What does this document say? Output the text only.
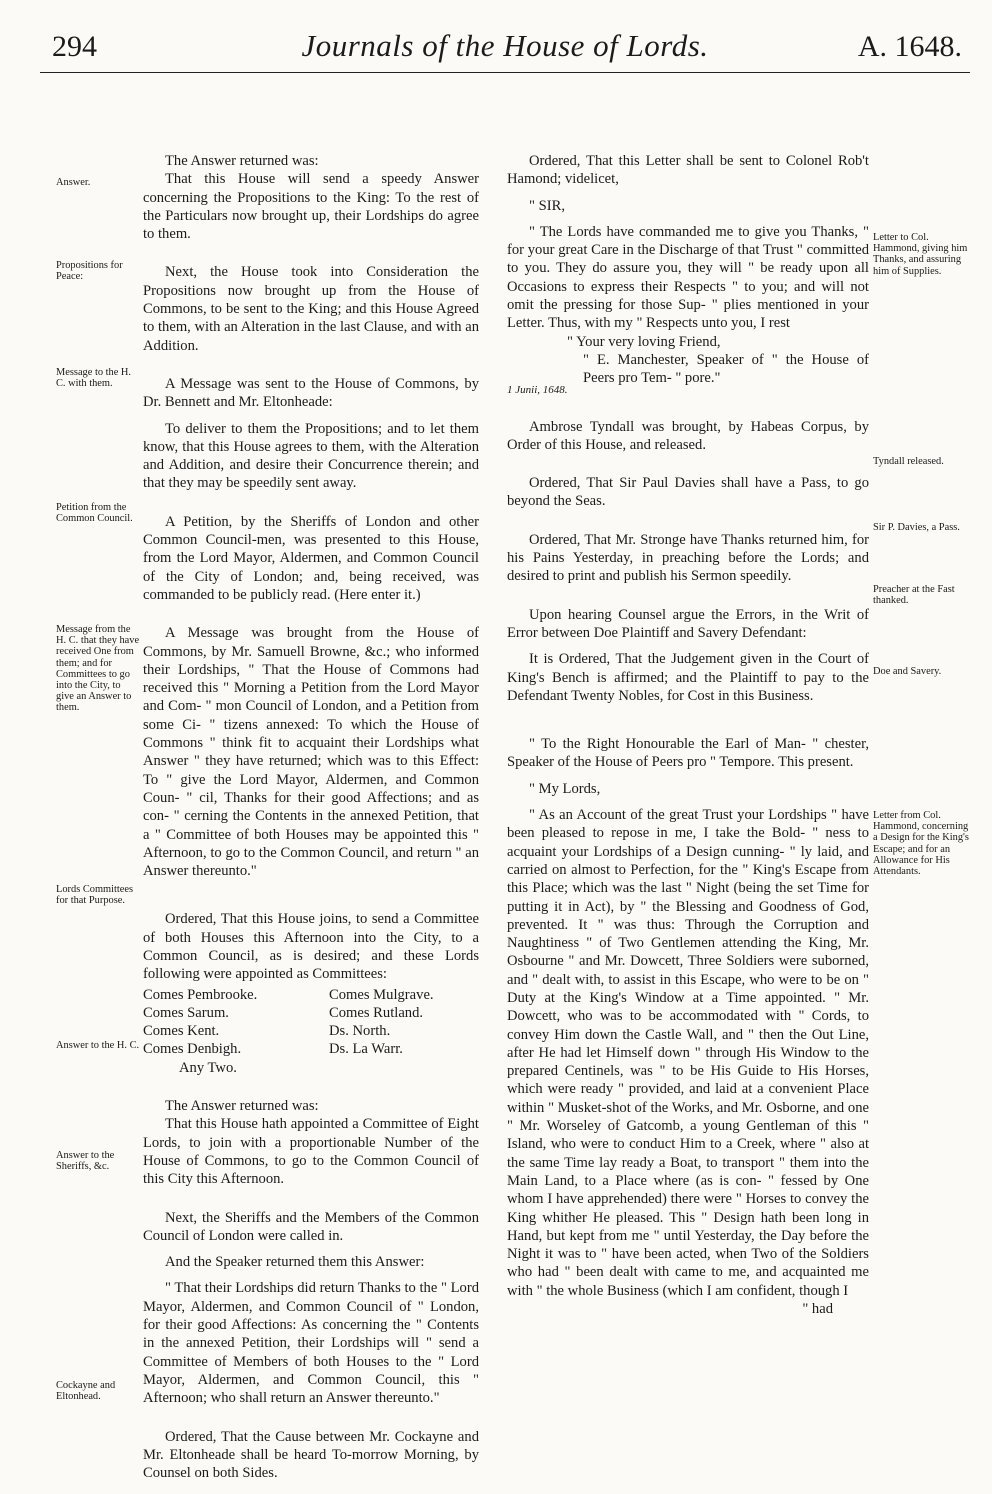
294	Journals of the House of Lords.	A. 1648.
Answer.
Propositions for Peace:
Message to the H. C. with them.
Petition from the Common Council.
Message from the H. C. that they have received One from them; and for Committees to go into the City, to give an Answer to them.
Lords Committees for that Purpose.
Answer to the H. C.
Answer to the Sheriffs, &c.
Cockayne and Eltonhead.
Letter to Col. Hammond, giving him Thanks, and assuring him of Supplies.
Tyndall released.
Sir P. Davies, a Pass.
Preacher at the Fast thanked.
Doe and Savery.
Letter from Col. Hammond, concerning a Design for the King's Escape; and for an Allowance for His Attendants.

The Answer returned was:

That this House will send a speedy Answer concerning the Propositions to the King: To the rest of the Particulars now brought up, their Lordships do agree to them.

Next, the House took into Consideration the Propositions now brought up from the House of Commons, to be sent to the King; and this House Agreed to them, with an Alteration in the last Clause, and with an Addition.

A Message was sent to the House of Commons, by Dr. Bennett and Mr. Eltonheade:

To deliver to them the Propositions; and to let them know, that this House agrees to them, with the Alteration and Addition, and desire their Concurrence therein; and that they may be speedily sent away.

A Petition, by the Sheriffs of London and other Common Council-men, was presented to this House, from the Lord Mayor, Aldermen, and Common Council of the City of London; and, being received, was commanded to be publicly read. (Here enter it.)

A Message was brought from the House of Commons, by Mr. Samuell Browne, &c.; who informed their Lordships, " That the House of Commons had received this " Morning a Petition from the Lord Mayor and Com- " mon Council of London, and a Petition from some Ci- " tizens annexed: To which the House of Commons " think fit to acquaint their Lordships what Answer " they have returned; which was to this Effect: To " give the Lord Mayor, Aldermen, and Common Coun- " cil, Thanks for their good Affections; and as con- " cerning the Contents in the annexed Petition, that a " Committee of both Houses may be appointed this " Afternoon, to go to the Common Council, and return " an Answer thereunto."

Ordered, That this House joins, to send a Committee of both Houses this Afternoon into the City, to a Common Council, as is desired; and these Lords following were appointed as Committees:

Comes Pembrooke.	Comes Mulgrave.
Comes Sarum.	Comes Rutland.
Comes Kent.	Ds. North.
Comes Denbigh.	Ds. La Warr.

Any Two.

The Answer returned was:

That this House hath appointed a Committee of Eight Lords, to join with a proportionable Number of the House of Commons, to go to the Common Council of this City this Afternoon.

Next, the Sheriffs and the Members of the Common Council of London were called in.

And the Speaker returned them this Answer:

" That their Lordships did return Thanks to the " Lord Mayor, Aldermen, and Common Council of " London, for their good Affections: As concerning the " Contents in the annexed Petition, their Lordships will " send a Committee of Members of both Houses to the " Lord Mayor, Aldermen, and Common Council, this " Afternoon; who shall return an Answer thereunto."

Ordered, That the Cause between Mr. Cockayne and Mr. Eltonheade shall be heard To-morrow Morning, by Counsel on both Sides.

Ordered, That this Letter shall be sent to Colonel Rob't Hamond; videlicet,

" SIR,

" The Lords have commanded me to give you Thanks, " for your great Care in the Discharge of that Trust " committed to you. They do assure you, they will " be ready upon all Occasions to express their Respects " to you; and will not omit the pressing for those Sup- " plies mentioned in your Letter. Thus, with my " Respects unto you, I rest

" Your very loving Friend,

" E. Manchester, Speaker of " the House of Peers pro Tem- " pore."

Ambrose Tyndall was brought, by Habeas Corpus, by Order of this House, and released.

Ordered, That Sir Paul Davies shall have a Pass, to go beyond the Seas.

Ordered, That Mr. Stronge have Thanks returned him, for his Pains Yesterday, in preaching before the Lords; and desired to print and publish his Sermon speedily.

Upon hearing Counsel argue the Errors, in the Writ of Error between Doe Plaintiff and Savery Defendant:

It is Ordered, That the Judgement given in the Court of King's Bench is affirmed; and the Plaintiff to pay to the Defendant Twenty Nobles, for Cost in this Business.

" To the Right Honourable the Earl of Man- " chester, Speaker of the House of Peers pro " Tempore. This present.

" My Lords,

" As an Account of the great Trust your Lordships " have been pleased to repose in me, I take the Bold- " ness to acquaint your Lordships of a Design cunning- " ly laid, and carried on almost to Perfection, for the " King's Escape from this Place; which was the last " Night (being the set Time for putting it in Act), by " the Blessing and Goodness of God, prevented. It " was thus: Through the Corruption and Naughtiness " of Two Gentlemen attending the King, Mr. Osbourne " and Mr. Dowcett, Three Soldiers were suborned, and " dealt with, to assist in this Escape, who were to be on " Duty at the King's Window at a Time appointed. " Mr. Dowcett, who was to be accommodated with " Cords, to convey Him down the Castle Wall, and " then the Out Line, after He had let Himself down " through His Window to the prepared Centinels, was " to be His Guide to His Horses, which were ready " provided, and laid at a convenient Place within " Musket-shot of the Works, and Mr. Osborne, and one " Mr. Worseley of Gatcomb, a young Gentleman of this " Island, who were to conduct Him to a Creek, where " also at the same Time lay ready a Boat, to transport " them into the Main Land, to a Place where (as is con- " fessed by One whom I have apprehended) there were " Horses to convey the King whither He pleased. This " Design hath been long in Hand, but kept from me " until Yesterday, the Day before the Night it was to " have been acted, when Two of the Soldiers who had " been dealt with came to me, and acquainted me with " the whole Business (which I am confident, though I

" had

1 Junii, 1648.
